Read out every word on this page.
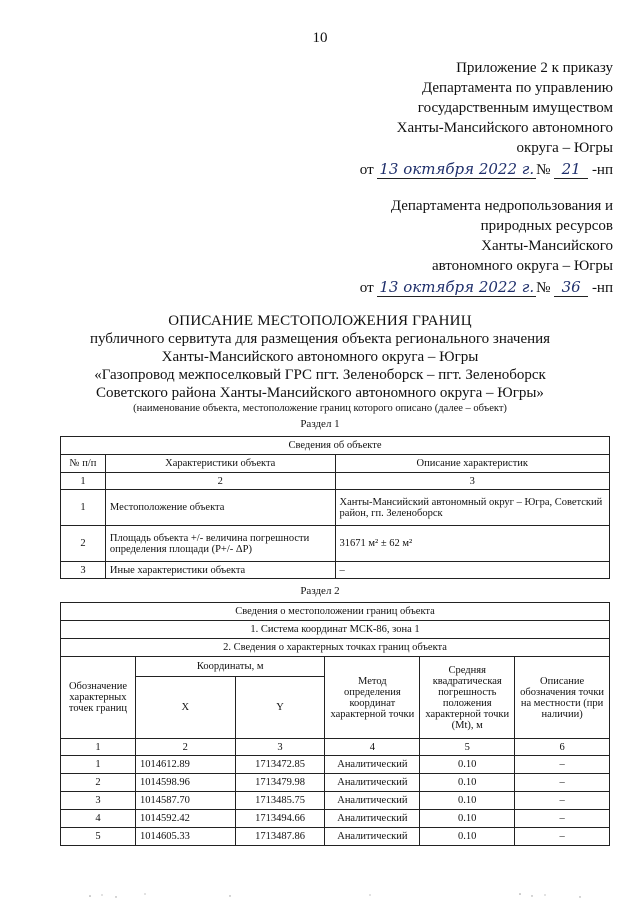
10
Приложение 2 к приказу
Департамента по управлению
государственным имуществом
Ханты-Мансийского автономного
округа – Югры
от
13 октября 2022 г. №
21
-нп
Департамента недропользования и
природных ресурсов
Ханты-Мансийского
автономного округа – Югры
от
13 октября 2022 г. №
36
-нп
ОПИСАНИЕ МЕСТОПОЛОЖЕНИЯ ГРАНИЦ
публичного сервитута для размещения объекта регионального значения
Ханты-Мансийского автономного округа – Югры
«Газопровод межпоселковый ГРС пгт. Зеленоборск – пгт. Зеленоборск
Советского района Ханты-Мансийского автономного округа – Югры»
(наименование объекта, местоположение границ которого описано (далее – объект)
Раздел 1
Сведения об объекте		
№ п/п	Характеристики объекта	Описание характеристик
1	2	3
1	Местоположение объекта	Ханты-Мансийский автономный округ – Югра, Советский район, гп. Зеленоборск
2	Площадь объекта +/- величина погрешности определения площади (Р+/- ΔР)	31671 м² ± 62 м²
3	Иные характеристики объекта	–
Раздел 2
Сведения о местоположении границ объекта					
1. Система координат МСК-86, зона 1					
2. Сведения о характерных точках границ объекта					
Обозначение характерных точек границ	Координаты, м		Метод определения координат характерной точки	Средняя квадратическая погрешность положения характерной точки (Mt), м	Описание обозначения точки на местности (при наличии)
	X	Y			
1	2	3	4	5	6
1	1014612.89	1713472.85	Аналитический	0.10	–
2	1014598.96	1713479.98	Аналитический	0.10	–
3	1014587.70	1713485.75	Аналитический	0.10	–
4	1014592.42	1713494.66	Аналитический	0.10	–
5	1014605.33	1713487.86	Аналитический	0.10	–
